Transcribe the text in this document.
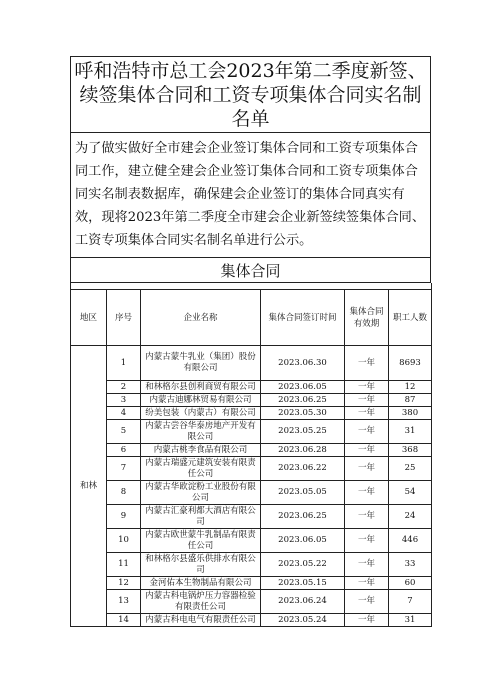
呼和浩特市总工会2023年第二季度新签、续签集体合同和工资专项集体合同实名制名单
为了做实做好全市建会企业签订集体合同和工资专项集体合同工作，建立健全建会企业签订集体合同和工资专项集体合同实名制表数据库，确保建会企业签订的集体合同真实有效，现将2023年第二季度全市建会企业新签续签集体合同、工资专项集体合同实名制名单进行公示。
集体合同

地区	序号	企业名称	集体合同签订时间	集体合同有效期	职工人数
和林	1	内蒙古蒙牛乳业（集团）股份有限公司	2023.06.30	一年	8693
	2	和林格尔县创利商贸有限公司	2023.06.05	一年	12
	3	内蒙古迪娜林贸易有限公司	2023.06.25	一年	87
	4	纷美包装（内蒙古）有限公司	2023.05.30	一年	380
	5	内蒙古尝谷华泰房地产开发有限公司	2023.05.25	一年	31
	6	内蒙古桃李食品有限公司	2023.06.28	一年	368
	7	内蒙古瑞盛元建筑安装有限责任公司	2023.06.22	一年	25
	8	内蒙古华欧淀粉工业股份有限公司	2023.05.05	一年	54
	9	内蒙古汇豪利都大酒店有限公司	2023.06.25	一年	24
	10	内蒙古欧世蒙牛乳制品有限责任公司	2023.06.05	一年	446
	11	和林格尔县盛乐供排水有限公司	2023.05.22	一年	33
	12	金河佑本生物制品有限公司	2023.05.15	一年	60
	13	内蒙古科电锅炉压力容器检验有限责任公司	2023.06.24	一年	7
	14	内蒙古科电电气有限责任公司	2023.05.24	一年	31
